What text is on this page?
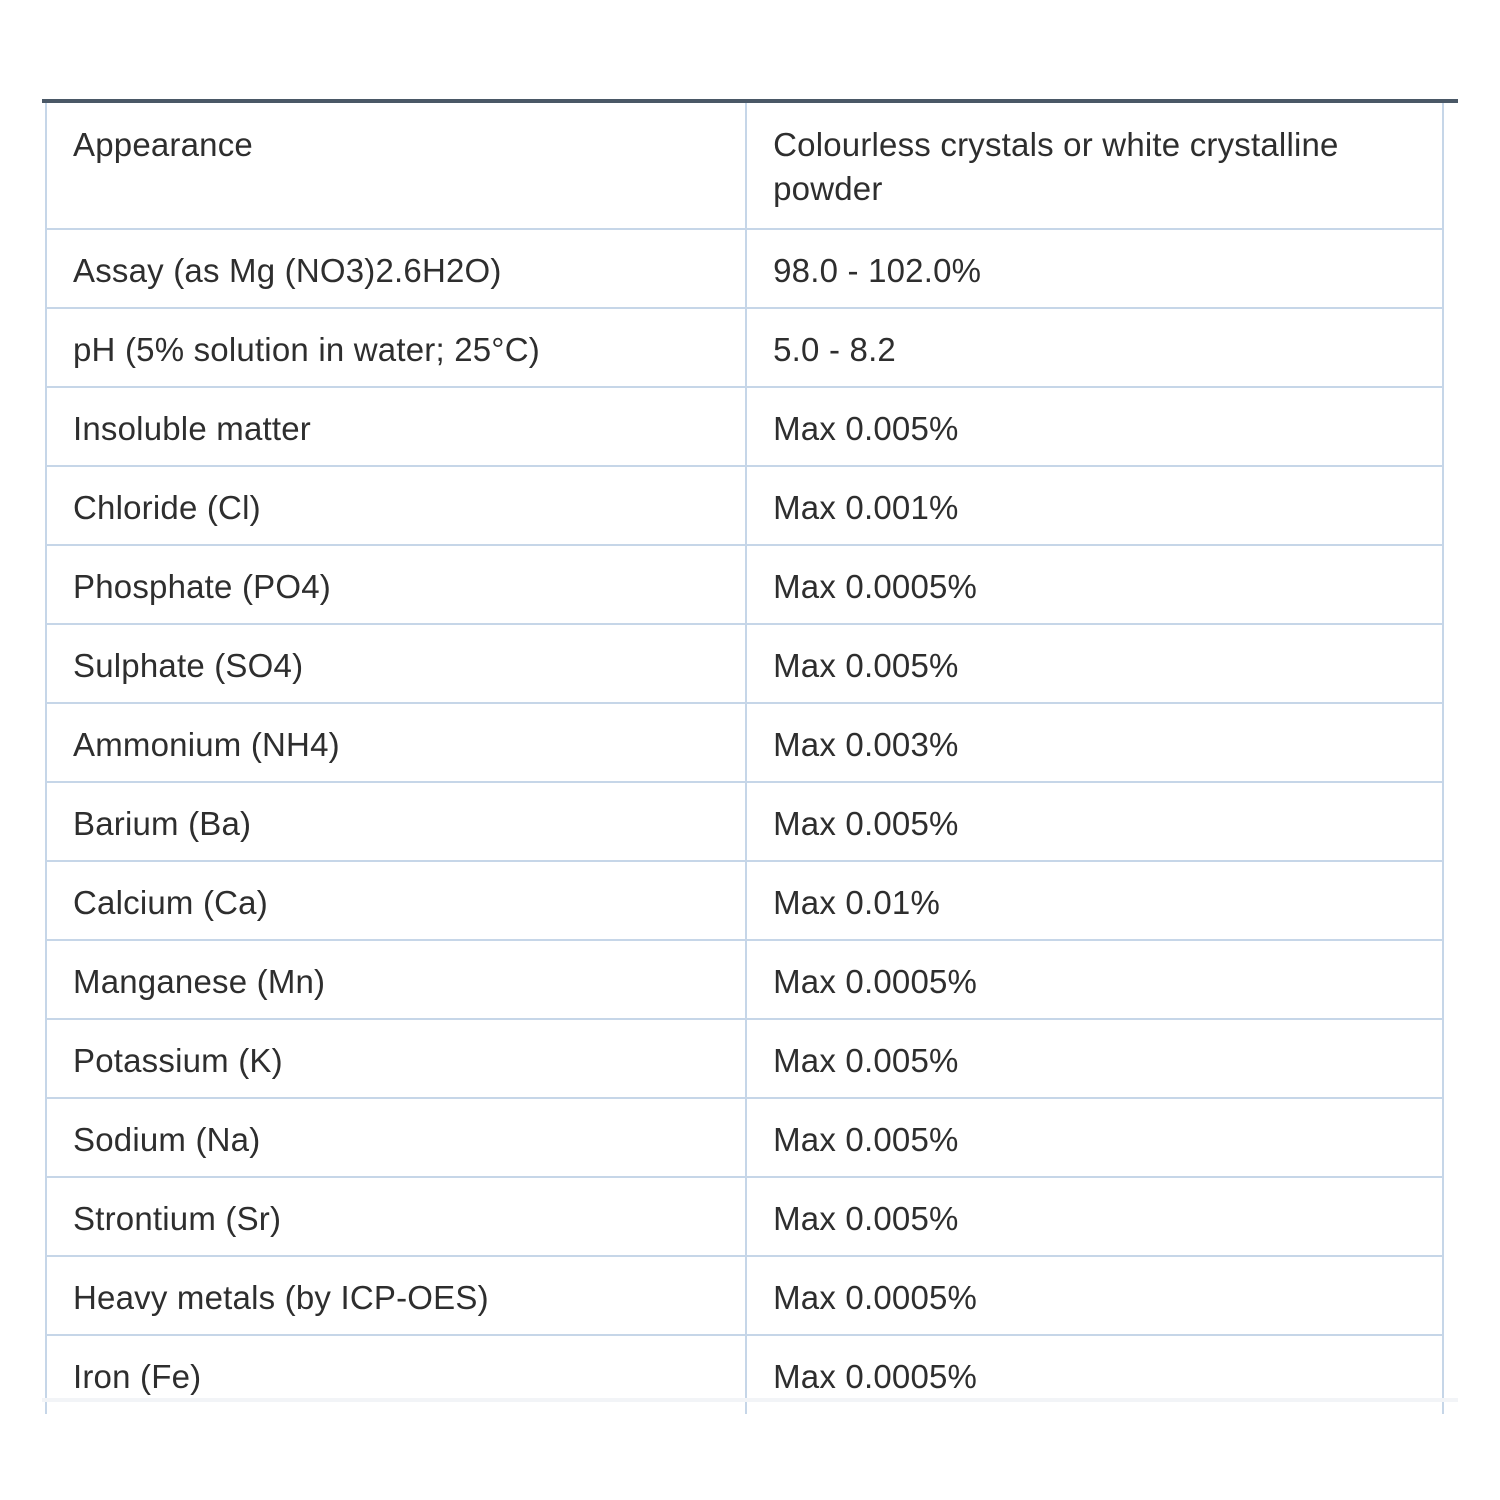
Appearance	Colourless crystals or white crystalline powder
Assay (as Mg (NO3)2.6H2O)	98.0 - 102.0%
pH (5% solution in water; 25°C)	5.0 - 8.2
Insoluble matter	Max 0.005%
Chloride (Cl)	Max 0.001%
Phosphate (PO4)	Max 0.0005%
Sulphate (SO4)	Max 0.005%
Ammonium (NH4)	Max 0.003%
Barium (Ba)	Max 0.005%
Calcium (Ca)	Max 0.01%
Manganese (Mn)	Max 0.0005%
Potassium (K)	Max 0.005%
Sodium (Na)	Max 0.005%
Strontium (Sr)	Max 0.005%
Heavy metals (by ICP-OES)	Max 0.0005%
Iron (Fe)	Max 0.0005%
